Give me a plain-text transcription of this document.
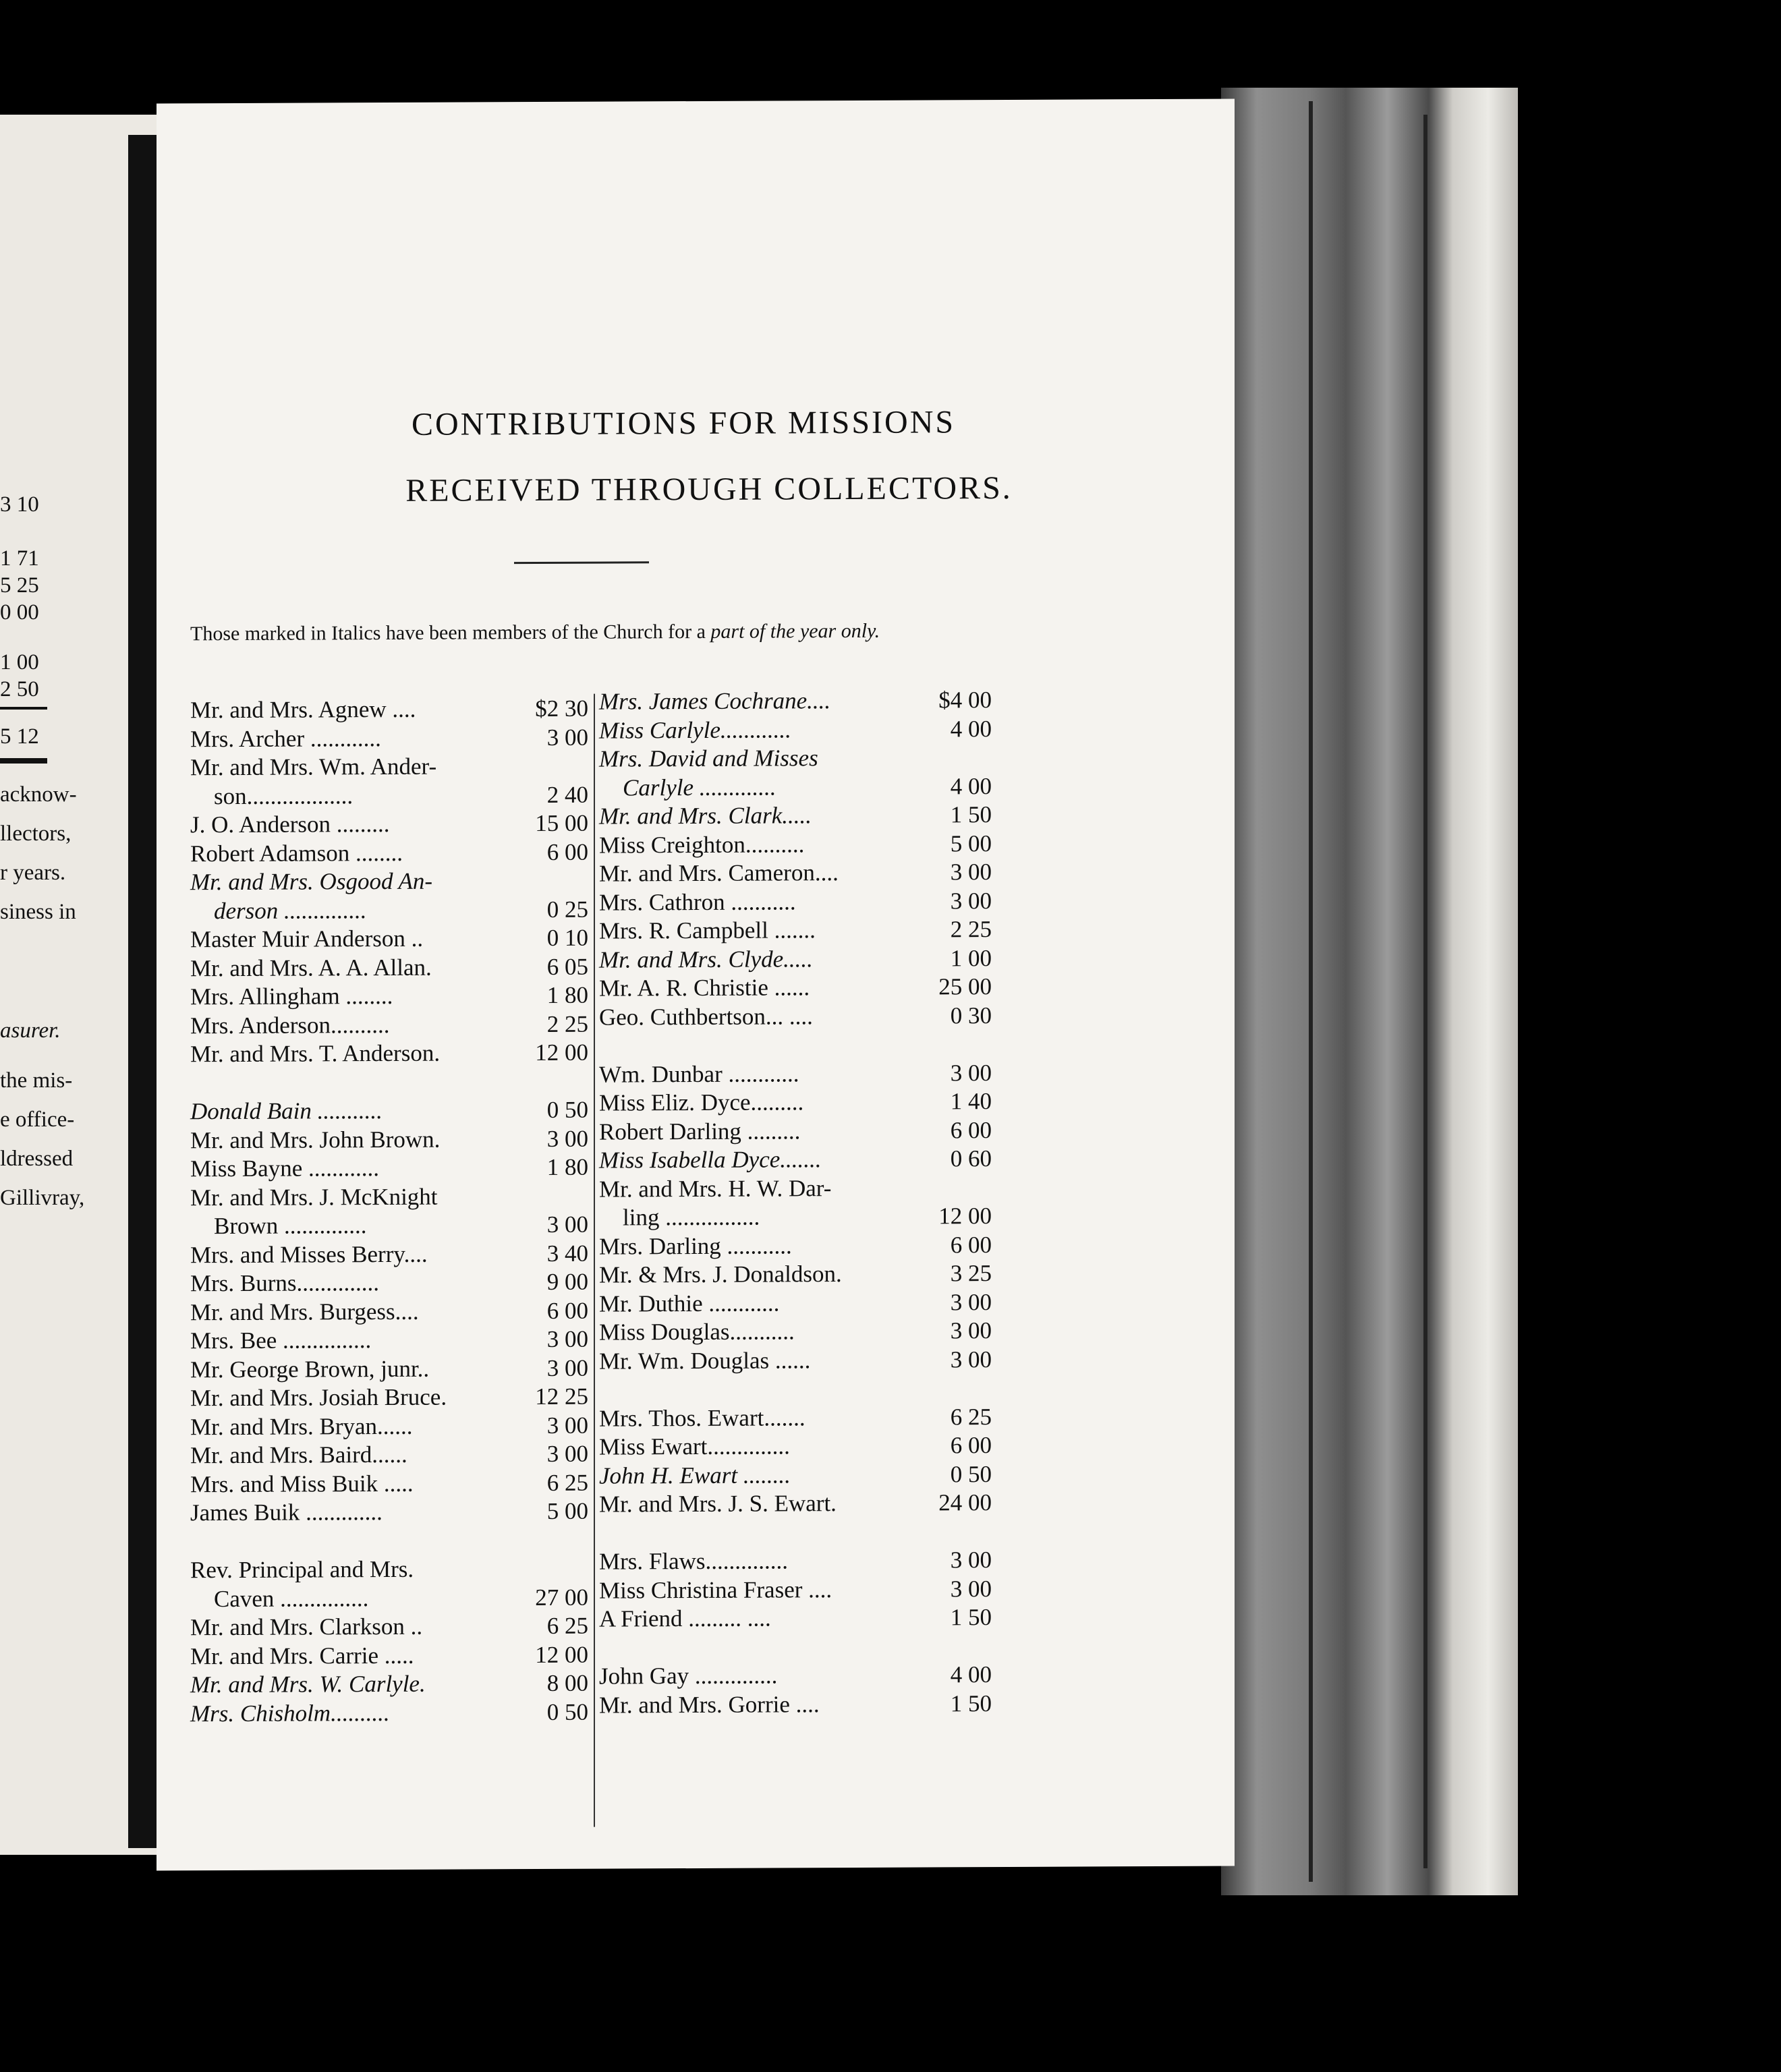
3 10
1 71
5 25
0 00
1 00
2 50
5 12
acknow-
llectors,
r years.
siness in
asurer.
the mis-
e office-
ldressed
Gillivray,
CONTRIBUTIONS FOR MISSIONS
RECEIVED THROUGH COLLECTORS.
Those marked in Italics have been members of the Church for a part of the year only.
Mr. and Mrs. Agnew ....	$2 30
Mrs. Archer ............	3 00
Mr. and Mrs. Wm. Ander-
son..................	2 40
J. O. Anderson .........	15 00
Robert Adamson ........	6 00
Mr. and Mrs. Osgood An-
derson ..............	0 25
Master Muir Anderson ..	0 10
Mr. and Mrs. A. A. Allan.	6 05
Mrs. Allingham ........	1 80
Mrs. Anderson..........	2 25
Mr. and Mrs. T. Anderson.	12 00
Donald Bain ...........	0 50
Mr. and Mrs. John Brown.	3 00
Miss Bayne ............	1 80
Mr. and Mrs. J. McKnight
Brown ..............	3 00
Mrs. and Misses Berry....	3 40
Mrs. Burns..............	9 00
Mr. and Mrs. Burgess....	6 00
Mrs. Bee ...............	3 00
Mr. George Brown, junr..	3 00
Mr. and Mrs. Josiah Bruce.	12 25
Mr. and Mrs. Bryan......	3 00
Mr. and Mrs. Baird......	3 00
Mrs. and Miss Buik .....	6 25
James Buik .............	5 00
Rev. Principal and Mrs.
Caven ...............	27 00
Mr. and Mrs. Clarkson ..	6 25
Mr. and Mrs. Carrie .....	12 00
Mr. and Mrs. W. Carlyle.	8 00
Mrs. Chisholm..........	0 50
Mrs. James Cochrane....	$4 00
Miss Carlyle............	4 00
Mrs. David and Misses
Carlyle .............	4 00
Mr. and Mrs. Clark.....	1 50
Miss Creighton..........	5 00
Mr. and Mrs. Cameron....	3 00
Mrs. Cathron ...........	3 00
Mrs. R. Campbell .......	2 25
Mr. and Mrs. Clyde.....	1 00
Mr. A. R. Christie ......	25 00
Geo. Cuthbertson... ....	0 30
Wm. Dunbar ............	3 00
Miss Eliz. Dyce.........	1 40
Robert Darling .........	6 00
Miss Isabella Dyce.......	0 60
Mr. and Mrs. H. W. Dar-
ling ................	12 00
Mrs. Darling ...........	6 00
Mr. & Mrs. J. Donaldson.	3 25
Mr. Duthie ............	3 00
Miss Douglas...........	3 00
Mr. Wm. Douglas ......	3 00
Mrs. Thos. Ewart.......	6 25
Miss Ewart..............	6 00
John H. Ewart ........	0 50
Mr. and Mrs. J. S. Ewart.	24 00
Mrs. Flaws..............	3 00
Miss Christina Fraser ....	3 00
A Friend ......... ....	1 50
John Gay ..............	4 00
Mr. and Mrs. Gorrie ....	1 50
